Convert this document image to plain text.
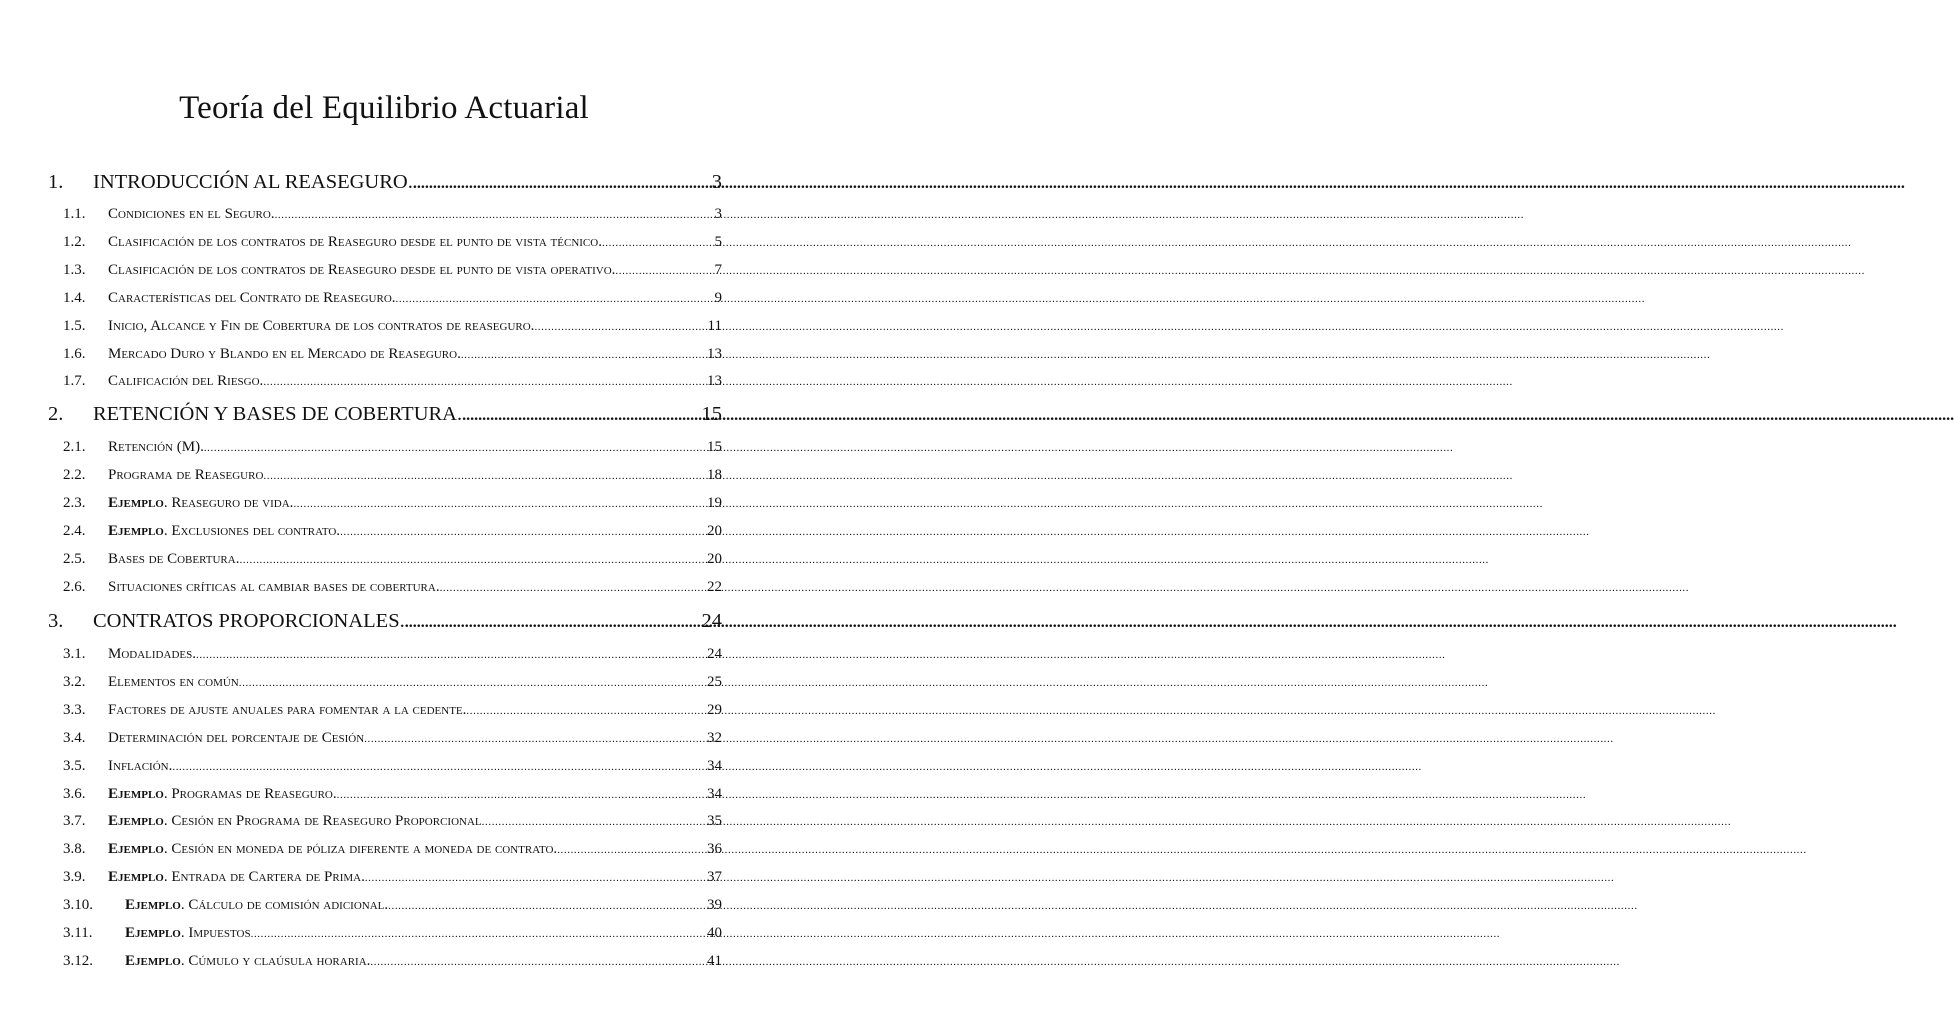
Teoría del Equilibrio Actuarial
1.	INTRODUCCIÓN AL REASEGURO. .....	3
1.1.	Condiciones en el Seguro. .....	3
1.2.	Clasificación de los contratos de Reaseguro desde el punto de vista técnico. .....	5
1.3.	Clasificación de los contratos de Reaseguro desde el punto de vista operativo. .....	7
1.4.	Características del Contrato de Reaseguro. .....	9
1.5.	Inicio, Alcance y Fin de Cobertura de los contratos de reaseguro. .....	11
1.6.	Mercado Duro y Blando en el Mercado de Reaseguro. .....	13
1.7.	Calificación del Riesgo. .....	13
2.	RETENCIÓN Y BASES DE COBERTURA. .....	15
2.1.	Retención (M). .....	15
2.2.	Programa de Reaseguro .....	18
2.3.	Ejemplo. Reaseguro de vida. .....	19
2.4.	Ejemplo. Exclusiones del contrato. .....	20
2.5.	Bases de Cobertura. .....	20
2.6.	Situaciones críticas al cambiar bases de cobertura. .....	22
3.	CONTRATOS PROPORCIONALES. .....	24
3.1.	Modalidades. .....	24
3.2.	Elementos en común .....	25
3.3.	Factores de ajuste anuales para fomentar a la cedente. .....	29
3.4.	Determinación del porcentaje de Cesión .....	32
3.5.	Inflación. .....	34
3.6.	Ejemplo. Programas de Reaseguro. .....	34
3.7.	Ejemplo. Cesión en Programa de Reaseguro Proporcional .....	35
3.8.	Ejemplo. Cesión en moneda de póliza diferente a moneda de contrato. .....	36
3.9.	Ejemplo. Entrada de Cartera de Prima. .....	37
3.10.	Ejemplo. Cálculo de comisión adicional. .....	39
3.11.	Ejemplo. Impuestos .....	40
3.12.	Ejemplo. Cúmulo y claúsula horaria. .....	41
